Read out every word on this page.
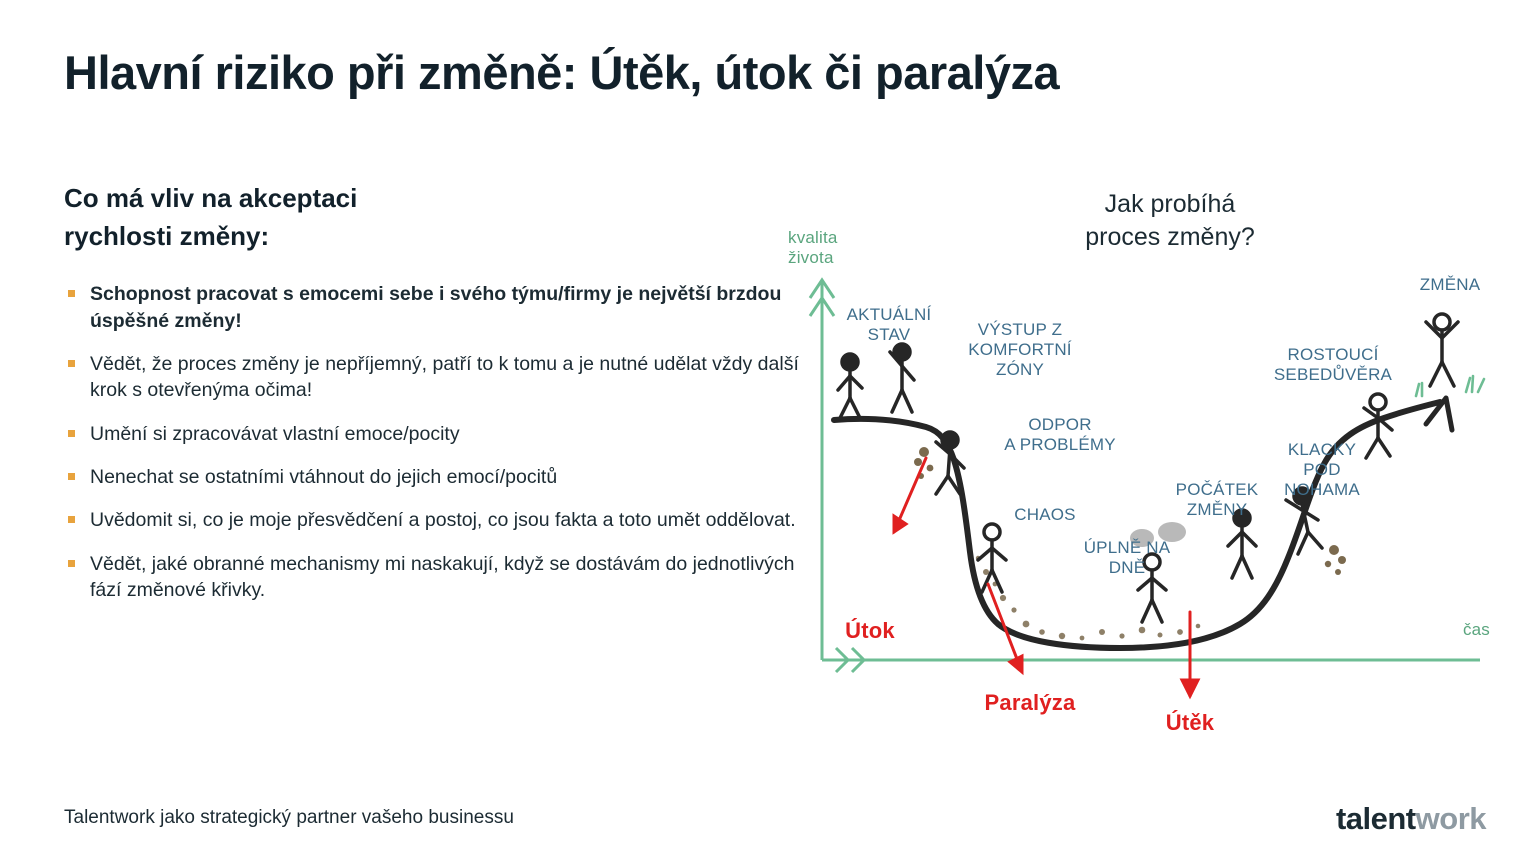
Hlavní riziko při změně: Útěk, útok či paralýza
Co má vliv na akceptaci
rychlosti změny:
Schopnost pracovat s emocemi sebe i svého týmu/firmy je největší brzdou úspěšné změny!
Vědět, že proces změny je nepříjemný, patří to k tomu a je nutné udělat vždy další krok s otevřenýma očima!
Umění si zpracovávat vlastní emoce/pocity
Nenechat se ostatními vtáhnout do jejich emocí/pocitů
Uvědomit si, co je moje přesvědčení a postoj, co jsou fakta a toto umět oddělovat.
Vědět, jaké obranné mechanismy mi naskakují, když se dostávám do jednotlivých fází změnové křivky.
Jak probíhá
proces změny?
kvalita
života
čas
AKTUÁLNÍ
STAV	VÝSTUP Z
KOMFORTNÍ
ZÓNY
ODPOR
A PROBLÉMY
CHAOS
ÚPLNĚ NA
DNĚ
POČÁTEK
ZMĚNY
KLACKY
POD
NOHAMA
ROSTOUCÍ
SEBEDŮVĚRA
ZMĚNA
Útok
Paralýza
Útěk
Talentwork jako strategický partner vašeho businessu	talentwork
